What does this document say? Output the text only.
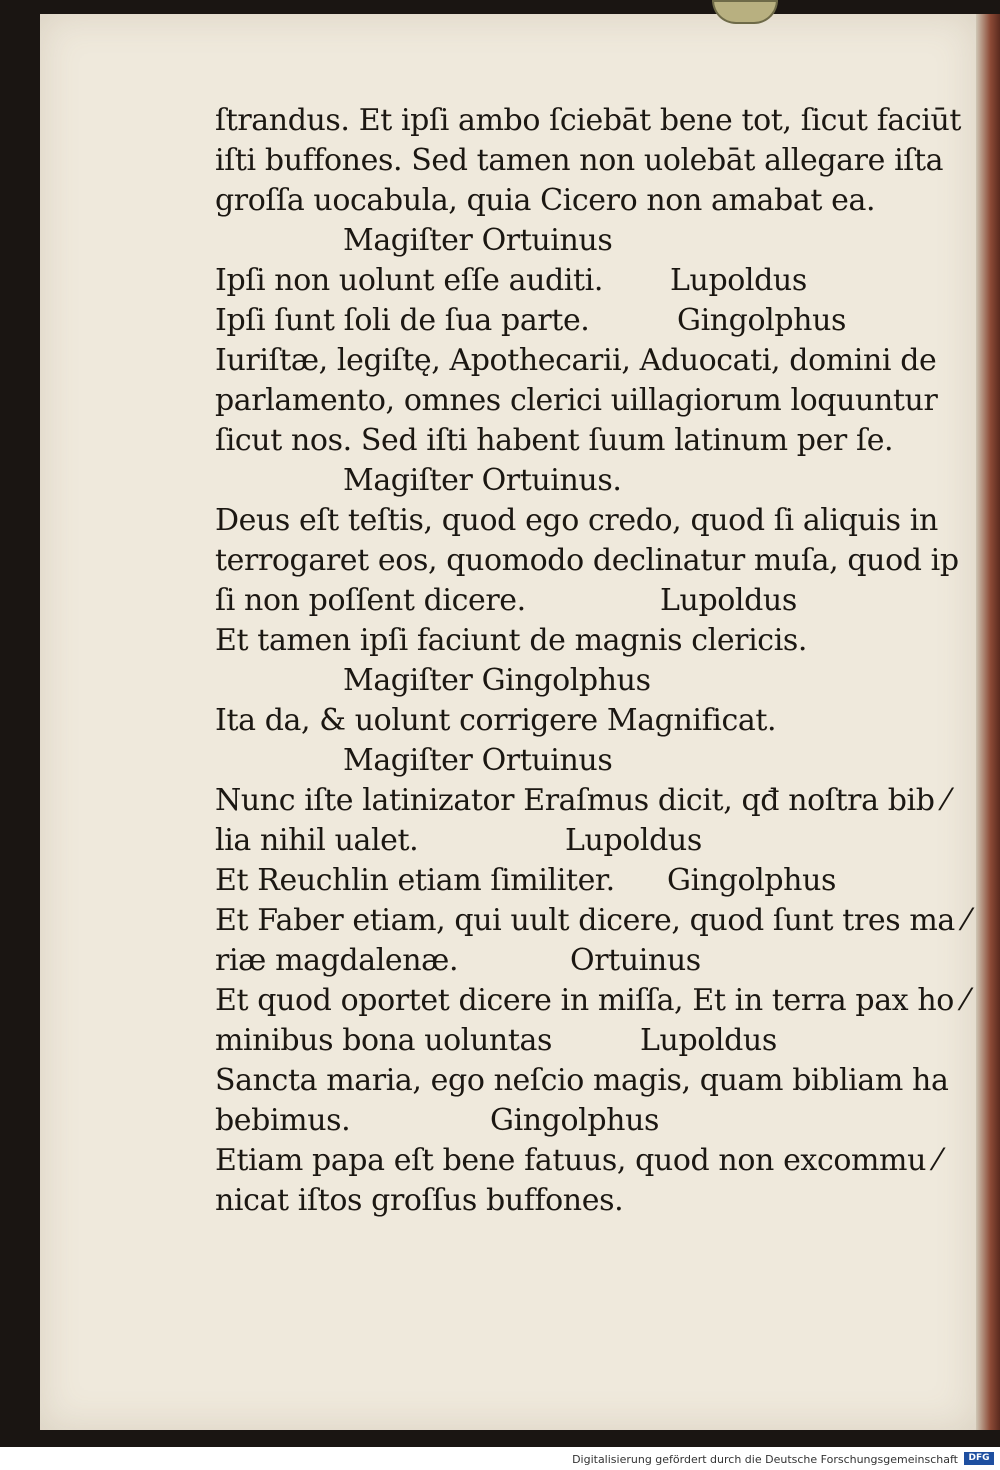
ſtrandus. Et ipſi ambo ſciebāt bene tot, ſicut faciūt
iſti buffones. Sed tamen non uolebāt allegare iſta
groſſa uocabula, quia Cicero non amabat ea.
Magiſter Ortuinus
Ipſi non uolunt eſſe auditi. Lupoldus
Ipſi ſunt ſoli de ſua parte.	Gingolphus
Iuriſtæ, legiſtę, Apothecarii, Aduocati, domini de
parlamento, omnes clerici uillagiorum loquuntur
ſicut nos. Sed iſti habent ſuum latinum per ſe.
Magiſter Ortuinus.
Deus eſt teſtis, quod ego credo, quod ſi aliquis in
terrogaret eos, quomodo declinatur muſa, quod ip
ſi non poſſent dicere.	Lupoldus
Et tamen ipſi faciunt de magnis clericis.
Magiſter Gingolphus
Ita da, & uolunt corrigere Magnificat.
Magiſter Ortuinus
Nunc iſte latinizator Eraſmus dicit, qđ noſtra bib ⁄
lia nihil ualet.	Lupoldus
Et Reuchlin etiam ſimiliter. Gingolphus
Et Faber etiam, qui uult dicere, quod ſunt tres ma ⁄
riæ magdalenæ.	Ortuinus
Et quod oportet dicere in miſſa, Et in terra pax ho ⁄
minibus bona uoluntas	Lupoldus
Sancta maria, ego neſcio magis, quam bibliam ha
bebimus.	Gingolphus
Etiam papa eſt bene fatuus, quod non excommu ⁄
nicat iſtos groſſus buffones.
Digitalisierung gefördert durch die Deutsche Forschungsgemeinschaft	DFG
